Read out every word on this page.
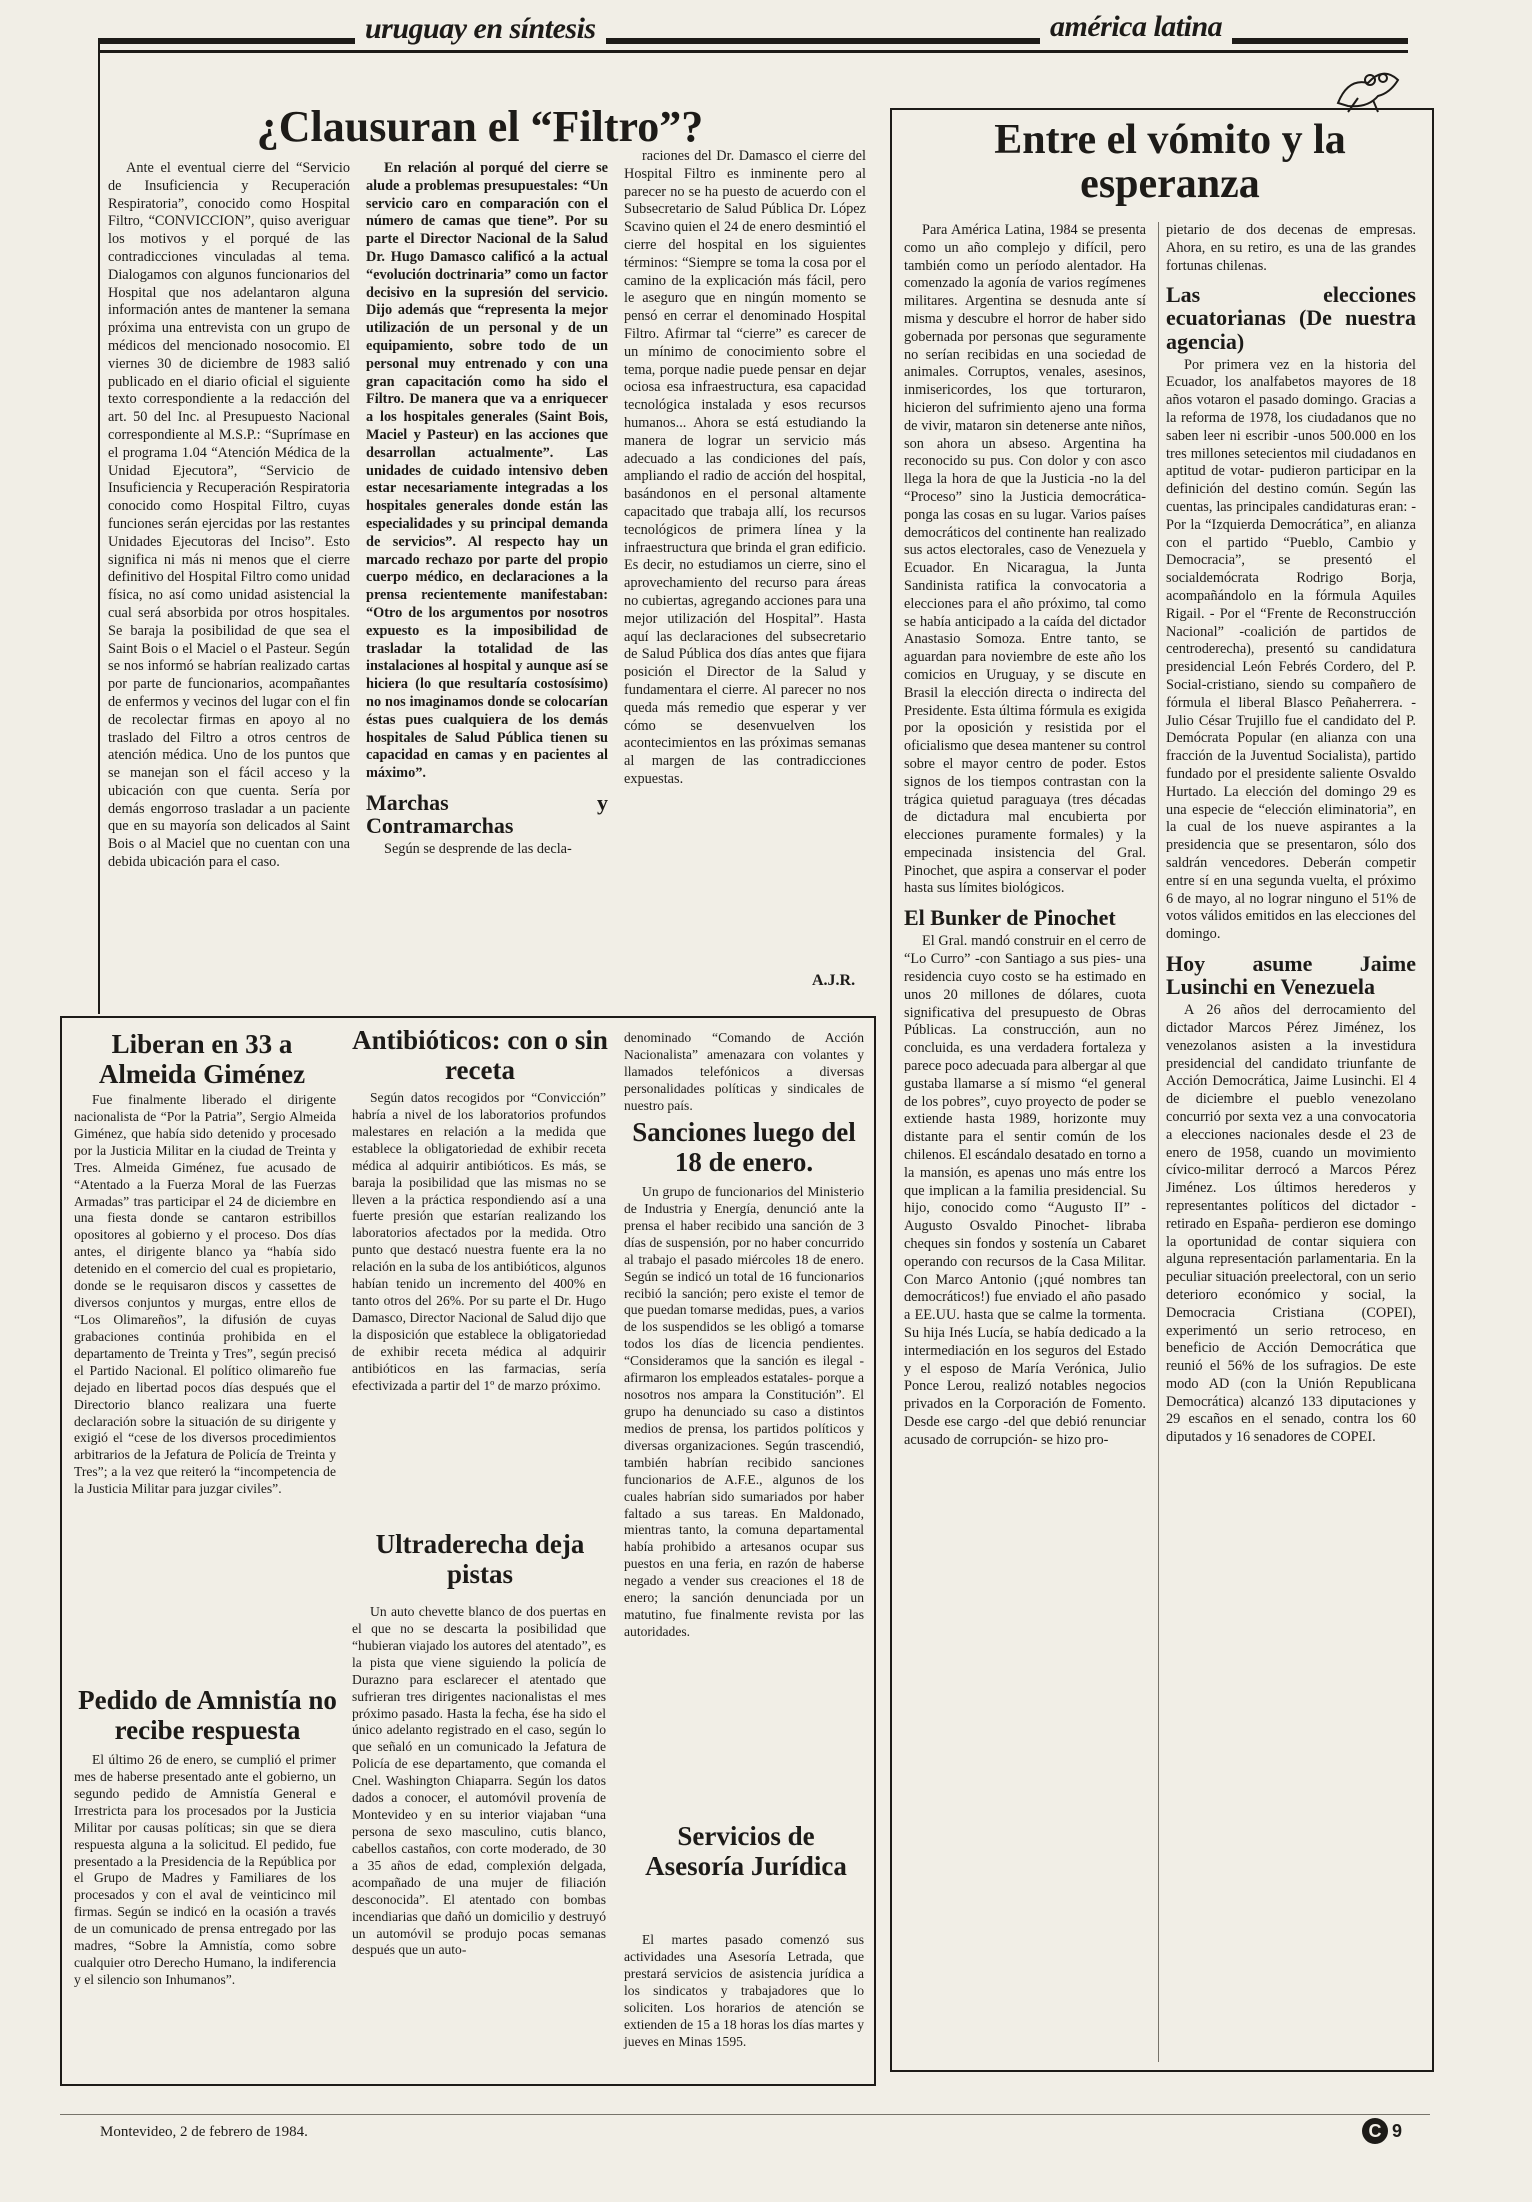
uruguay en síntesis	américa latina
¿Clausuran el “Filtro”?

Ante el eventual cierre del “Servicio de Insuficiencia y Recuperación Respiratoria”, conocido como Hospital Filtro, “CONVICCION”, quiso averiguar los motivos y el porqué de las contradicciones vinculadas al tema. Dialogamos con algunos funcionarios del Hospital que nos adelantaron alguna información antes de mantener la semana próxima una entrevista con un grupo de médicos del mencionado nosocomio. El viernes 30 de diciembre de 1983 salió publicado en el diario oficial el siguiente texto correspondiente a la redacción del art. 50 del Inc. al Presupuesto Nacional correspondiente al M.S.P.: “Suprímase en el programa 1.04 “Atención Médica de la Unidad Ejecutora”, “Servicio de Insuficiencia y Recuperación Respiratoria conocido como Hospital Filtro, cuyas funciones serán ejercidas por las restantes Unidades Ejecutoras del Inciso”. Esto significa ni más ni menos que el cierre definitivo del Hospital Filtro como unidad física, no así como unidad asistencial la cual será absorbida por otros hospitales. Se baraja la posibilidad de que sea el Saint Bois o el Maciel o el Pasteur. Según se nos informó se habrían realizado cartas por parte de funcionarios, acompañantes de enfermos y vecinos del lugar con el fin de recolectar firmas en apoyo al no traslado del Filtro a otros centros de atención médica. Uno de los puntos que se manejan son el fácil acceso y la ubicación con que cuenta. Sería por demás engorroso trasladar a un paciente que en su mayoría son delicados al Saint Bois o al Maciel que no cuentan con una debida ubicación para el caso.

En relación al porqué del cierre se alude a problemas presupuestales: “Un servicio caro en comparación con el número de camas que tiene”. Por su parte el Director Nacional de la Salud Dr. Hugo Damasco calificó a la actual “evolución doctrinaria” como un factor decisivo en la supresión del servicio. Dijo además que “representa la mejor utilización de un personal y de un equipamiento, sobre todo de un personal muy entrenado y con una gran capacitación como ha sido el Filtro. De manera que va a enriquecer a los hospitales generales (Saint Bois, Maciel y Pasteur) en las acciones que desarrollan actualmente”. Las unidades de cuidado intensivo deben estar necesariamente integradas a los hospitales generales donde están las especialidades y su principal demanda de servicios”. Al respecto hay un marcado rechazo por parte del propio cuerpo médico, en declaraciones a la prensa recientemente manifestaban: “Otro de los argumentos por nosotros expuesto es la imposibilidad de trasladar la totalidad de las instalaciones al hospital y aunque así se hiciera (lo que resultaría costosísimo) no nos imaginamos donde se colocarían éstas pues cualquiera de los demás hospitales de Salud Pública tienen su capacidad en camas y en pacientes al máximo”.

Marchas y Contramarchas

Según se desprende de las decla-

raciones del Dr. Damasco el cierre del Hospital Filtro es inminente pero al parecer no se ha puesto de acuerdo con el Subsecretario de Salud Pública Dr. López Scavino quien el 24 de enero desmintió el cierre del hospital en los siguientes términos: “Siempre se toma la cosa por el camino de la explicación más fácil, pero le aseguro que en ningún momento se pensó en cerrar el denominado Hospital Filtro. Afirmar tal “cierre” es carecer de un mínimo de conocimiento sobre el tema, porque nadie puede pensar en dejar ociosa esa infraestructura, esa capacidad tecnológica instalada y esos recursos humanos... Ahora se está estudiando la manera de lograr un servicio más adecuado a las condiciones del país, ampliando el radio de acción del hospital, basándonos en el personal altamente capacitado que trabaja allí, los recursos tecnológicos de primera línea y la infraestructura que brinda el gran edificio. Es decir, no estudiamos un cierre, sino el aprovechamiento del recurso para áreas no cubiertas, agregando acciones para una mejor utilización del Hospital”. Hasta aquí las declaraciones del subsecretario de Salud Pública dos días antes que fijara posición el Director de la Salud y fundamentara el cierre. Al parecer no nos queda más remedio que esperar y ver cómo se desenvuelven los acontecimientos en las próximas semanas al margen de las contradicciones expuestas.

A.J.R.
Entre el vómito y la esperanza

Para América Latina, 1984 se presenta como un año complejo y difícil, pero también como un período alentador. Ha comenzado la agonía de varios regímenes militares. Argentina se desnuda ante sí misma y descubre el horror de haber sido gobernada por personas que seguramente no serían recibidas en una sociedad de animales. Corruptos, venales, asesinos, inmisericordes, los que torturaron, hicieron del sufrimiento ajeno una forma de vivir, mataron sin detenerse ante niños, son ahora un abseso. Argentina ha reconocido su pus. Con dolor y con asco llega la hora de que la Justicia -no la del “Proceso” sino la Justicia democrática- ponga las cosas en su lugar. Varios países democráticos del continente han realizado sus actos electorales, caso de Venezuela y Ecuador. En Nicaragua, la Junta Sandinista ratifica la convocatoria a elecciones para el año próximo, tal como se había anticipado a la caída del dictador Anastasio Somoza. Entre tanto, se aguardan para noviembre de este año los comicios en Uruguay, y se discute en Brasil la elección directa o indirecta del Presidente. Esta última fórmula es exigida por la oposición y resistida por el oficialismo que desea mantener su control sobre el mayor centro de poder. Estos signos de los tiempos contrastan con la trágica quietud paraguaya (tres décadas de dictadura mal encubierta por elecciones puramente formales) y la empecinada insistencia del Gral. Pinochet, que aspira a conservar el poder hasta sus límites biológicos.

El Bunker de Pinochet

El Gral. mandó construir en el cerro de “Lo Curro” -con Santiago a sus pies- una residencia cuyo costo se ha estimado en unos 20 millones de dólares, cuota significativa del presupuesto de Obras Públicas. La construcción, aun no concluida, es una verdadera fortaleza y parece poco adecuada para albergar al que gustaba llamarse a sí mismo “el general de los pobres”, cuyo proyecto de poder se extiende hasta 1989, horizonte muy distante para el sentir común de los chilenos. El escándalo desatado en torno a la mansión, es apenas uno más entre los que implican a la familia presidencial. Su hijo, conocido como “Augusto II” -Augusto Osvaldo Pinochet- libraba cheques sin fondos y sostenía un Cabaret operando con recursos de la Casa Militar. Con Marco Antonio (¡qué nombres tan democráticos!) fue enviado el año pasado a EE.UU. hasta que se calme la tormenta. Su hija Inés Lucía, se había dedicado a la intermediación en los seguros del Estado y el esposo de María Verónica, Julio Ponce Lerou, realizó notables negocios privados en la Corporación de Fomento. Desde ese cargo -del que debió renunciar acusado de corrupción- se hizo pro-

pietario de dos decenas de empresas. Ahora, en su retiro, es una de las grandes fortunas chilenas.

Las elecciones ecuatorianas (De nuestra agencia)

Por primera vez en la historia del Ecuador, los analfabetos mayores de 18 años votaron el pasado domingo. Gracias a la reforma de 1978, los ciudadanos que no saben leer ni escribir -unos 500.000 en los tres millones setecientos mil ciudadanos en aptitud de votar- pudieron participar en la definición del destino común. Según las cuentas, las principales candidaturas eran: - Por la “Izquierda Democrática”, en alianza con el partido “Pueblo, Cambio y Democracia”, se presentó el socialdemócrata Rodrigo Borja, acompañándolo en la fórmula Aquiles Rigail. - Por el “Frente de Reconstrucción Nacional” -coalición de partidos de centroderecha), presentó su candidatura presidencial León Febrés Cordero, del P. Social-cristiano, siendo su compañero de fórmula el liberal Blasco Peñaherrera. - Julio César Trujillo fue el candidato del P. Demócrata Popular (en alianza con una fracción de la Juventud Socialista), partido fundado por el presidente saliente Osvaldo Hurtado. La elección del domingo 29 es una especie de “elección eliminatoria”, en la cual de los nueve aspirantes a la presidencia que se presentaron, sólo dos saldrán vencedores. Deberán competir entre sí en una segunda vuelta, el próximo 6 de mayo, al no lograr ninguno el 51% de votos válidos emitidos en las elecciones del domingo.

Hoy asume Jaime Lusinchi en Venezuela

A 26 años del derrocamiento del dictador Marcos Pérez Jiménez, los venezolanos asisten a la investidura presidencial del candidato triunfante de Acción Democrática, Jaime Lusinchi. El 4 de diciembre el pueblo venezolano concurrió por sexta vez a una convocatoria a elecciones nacionales desde el 23 de enero de 1958, cuando un movimiento cívico-militar derrocó a Marcos Pérez Jiménez. Los últimos herederos y representantes políticos del dictador -retirado en España- perdieron ese domingo la oportunidad de contar siquiera con alguna representación parlamentaria. En la peculiar situación preelectoral, con un serio deterioro económico y social, la Democracia Cristiana (COPEI), experimentó un serio retroceso, en beneficio de Acción Democrática que reunió el 56% de los sufragios. De este modo AD (con la Unión Republicana Democrática) alcanzó 133 diputaciones y 29 escaños en el senado, contra los 60 diputados y 16 senadores de COPEI.

Liberan en 33 a Almeida Giménez

Fue finalmente liberado el dirigente nacionalista de “Por la Patria”, Sergio Almeida Giménez, que había sido detenido y procesado por la Justicia Militar en la ciudad de Treinta y Tres. Almeida Giménez, fue acusado de “Atentado a la Fuerza Moral de las Fuerzas Armadas” tras participar el 24 de diciembre en una fiesta donde se cantaron estribillos opositores al gobierno y el proceso. Dos días antes, el dirigente blanco ya “había sido detenido en el comercio del cual es propietario, donde se le requisaron discos y cassettes de diversos conjuntos y murgas, entre ellos de “Los Olimareños”, la difusión de cuyas grabaciones continúa prohibida en el departamento de Treinta y Tres”, según precisó el Partido Nacional. El político olimareño fue dejado en libertad pocos días después que el Directorio blanco realizara una fuerte declaración sobre la situación de su dirigente y exigió el “cese de los diversos procedimientos arbitrarios de la Jefatura de Policía de Treinta y Tres”; a la vez que reiteró la “incompetencia de la Justicia Militar para juzgar civiles”.

Pedido de Amnistía no recibe respuesta

El último 26 de enero, se cumplió el primer mes de haberse presentado ante el gobierno, un segundo pedido de Amnistía General e Irrestricta para los procesados por la Justicia Militar por causas políticas; sin que se diera respuesta alguna a la solicitud. El pedido, fue presentado a la Presidencia de la República por el Grupo de Madres y Familiares de los procesados y con el aval de veinticinco mil firmas. Según se indicó en la ocasión a través de un comunicado de prensa entregado por las madres, “Sobre la Amnistía, como sobre cualquier otro Derecho Humano, la indiferencia y el silencio son Inhumanos”.

Antibióticos: con o sin receta

Según datos recogidos por “Convicción” habría a nivel de los laboratorios profundos malestares en relación a la medida que establece la obligatoriedad de exhibir receta médica al adquirir antibióticos. Es más, se baraja la posibilidad que las mismas no se lleven a la práctica respondiendo así a una fuerte presión que estarían realizando los laboratorios afectados por la medida. Otro punto que destacó nuestra fuente era la no relación en la suba de los antibióticos, algunos habían tenido un incremento del 400% en tanto otros del 26%. Por su parte el Dr. Hugo Damasco, Director Nacional de Salud dijo que la disposición que establece la obligatoriedad de exhibir receta médica al adquirir antibióticos en las farmacias, sería efectivizada a partir del 1º de marzo próximo.

Ultraderecha deja pistas

Un auto chevette blanco de dos puertas en el que no se descarta la posibilidad que “hubieran viajado los autores del atentado”, es la pista que viene siguiendo la policía de Durazno para esclarecer el atentado que sufrieran tres dirigentes nacionalistas el mes próximo pasado. Hasta la fecha, ése ha sido el único adelanto registrado en el caso, según lo que señaló en un comunicado la Jefatura de Policía de ese departamento, que comanda el Cnel. Washington Chiaparra. Según los datos dados a conocer, el automóvil provenía de Montevideo y en su interior viajaban “una persona de sexo masculino, cutis blanco, cabellos castaños, con corte moderado, de 30 a 35 años de edad, complexión delgada, acompañado de una mujer de filiación desconocida”. El atentado con bombas incendiarias que dañó un domicilio y destruyó un automóvil se produjo pocas semanas después que un auto-

denominado “Comando de Acción Nacionalista” amenazara con volantes y llamados telefónicos a diversas personalidades políticas y sindicales de nuestro país.

Sanciones luego del 18 de enero.

Un grupo de funcionarios del Ministerio de Industria y Energía, denunció ante la prensa el haber recibido una sanción de 3 días de suspensión, por no haber concurrido al trabajo el pasado miércoles 18 de enero. Según se indicó un total de 16 funcionarios recibió la sanción; pero existe el temor de que puedan tomarse medidas, pues, a varios de los suspendidos se les obligó a tomarse todos los días de licencia pendientes. “Consideramos que la sanción es ilegal -afirmaron los empleados estatales- porque a nosotros nos ampara la Constitución”. El grupo ha denunciado su caso a distintos medios de prensa, los partidos políticos y diversas organizaciones. Según trascendió, también habrían recibido sanciones funcionarios de A.F.E., algunos de los cuales habrían sido sumariados por haber faltado a sus tareas. En Maldonado, mientras tanto, la comuna departamental había prohibido a artesanos ocupar sus puestos en una feria, en razón de haberse negado a vender sus creaciones el 18 de enero; la sanción denunciada por un matutino, fue finalmente revista por las autoridades.

Servicios de Asesoría Jurídica

El martes pasado comenzó sus actividades una Asesoría Letrada, que prestará servicios de asistencia jurídica a los sindicatos y trabajadores que lo soliciten. Los horarios de atención se extienden de 15 a 18 horas los días martes y jueves en Minas 1595.

Montevideo, 2 de febrero de 1984.	C 9
